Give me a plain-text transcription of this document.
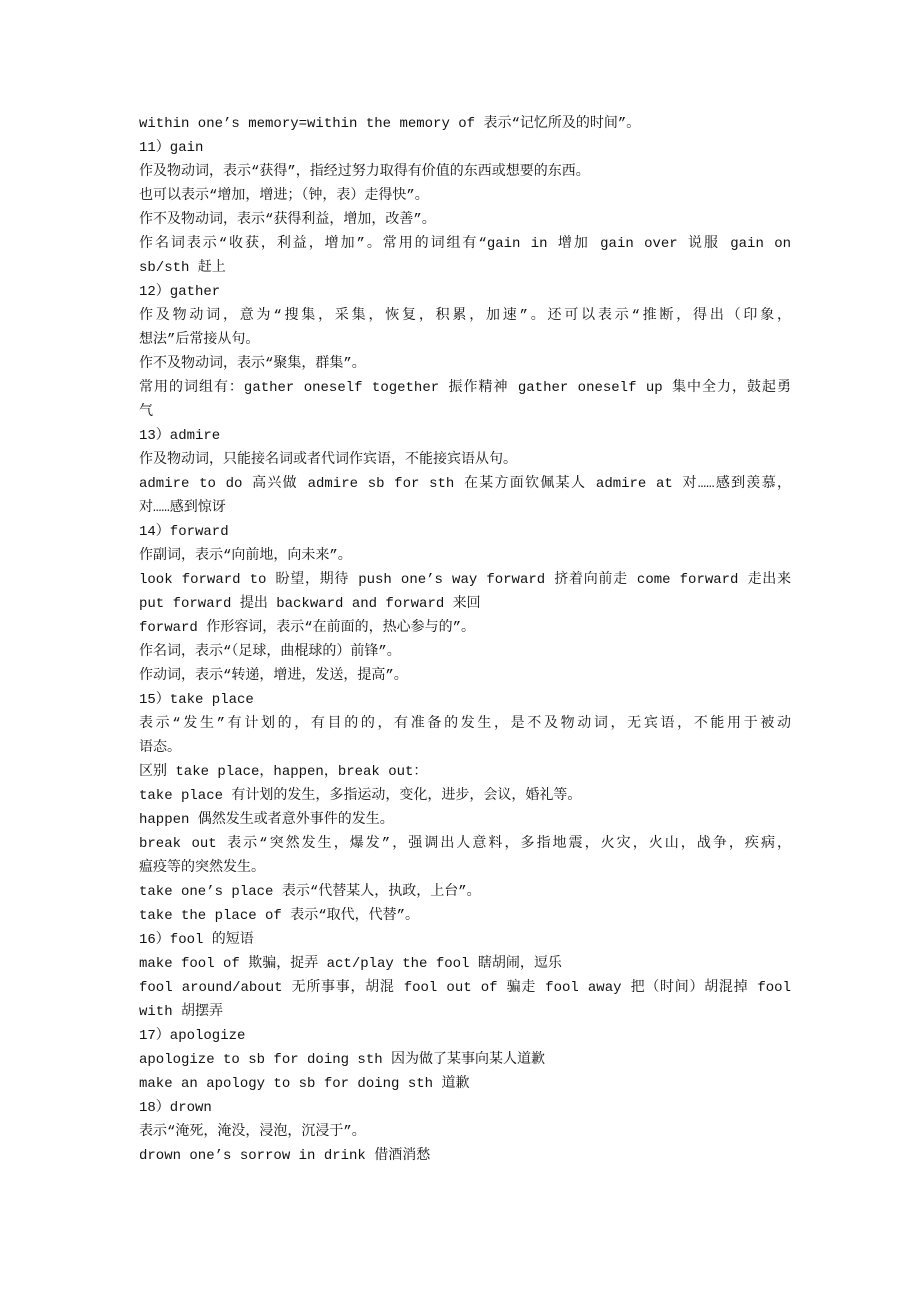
within one’s memory=within the memory of 表示“记忆所及的时间”。
11）gain
作及物动词，表示“获得”，指经过努力取得有价值的东西或想要的东西。
也可以表示“增加，增进；（钟，表）走得快”。
作不及物动词，表示“获得利益，增加，改善”。
作名词表示“收获，利益，增加”。常用的词组有“gain in 增加 gain over 说服 gain on
sb/sth 赶上
12）gather
作及物动词，意为“搜集，采集，恢复，积累，加速”。还可以表示“推断，得出（印象，
想法”后常接从句。
作不及物动词，表示“聚集，群集”。
常用的词组有：gather oneself together 振作精神 gather oneself up 集中全力，鼓起勇
气
13）admire
作及物动词，只能接名词或者代词作宾语，不能接宾语从句。
admire to do 高兴做 admire sb for sth 在某方面钦佩某人 admire at 对……感到羡慕，
对……感到惊讶
14）forward
作副词，表示“向前地，向未来”。
look forward to 盼望，期待 push one’s way forward 挤着向前走 come forward 走出来
put forward 提出 backward and forward 来回
forward 作形容词，表示“在前面的，热心参与的”。
作名词，表示“（足球，曲棍球的）前锋”。
作动词，表示“转递，增进，发送，提高”。
15）take place
表示“发生”有计划的，有目的的，有准备的发生，是不及物动词，无宾语，不能用于被动
语态。
区别 take place，happen，break out：
take place 有计划的发生，多指运动，变化，进步，会议，婚礼等。
happen 偶然发生或者意外事件的发生。
break out 表示“突然发生，爆发”，强调出人意料，多指地震，火灾，火山，战争，疾病，
瘟疫等的突然发生。
take one’s place 表示“代替某人，执政，上台”。
take the place of 表示“取代，代替”。
16）fool 的短语
make fool of 欺骗，捉弄 act/play the fool 瞎胡闹，逗乐
fool around/about 无所事事，胡混 fool out of 骗走 fool away 把（时间）胡混掉 fool
with 胡摆弄
17）apologize
apologize to sb for doing sth 因为做了某事向某人道歉
make an apology to sb for doing sth 道歉
18）drown
表示“淹死，淹没，浸泡，沉浸于”。
drown one’s sorrow in drink 借酒消愁
